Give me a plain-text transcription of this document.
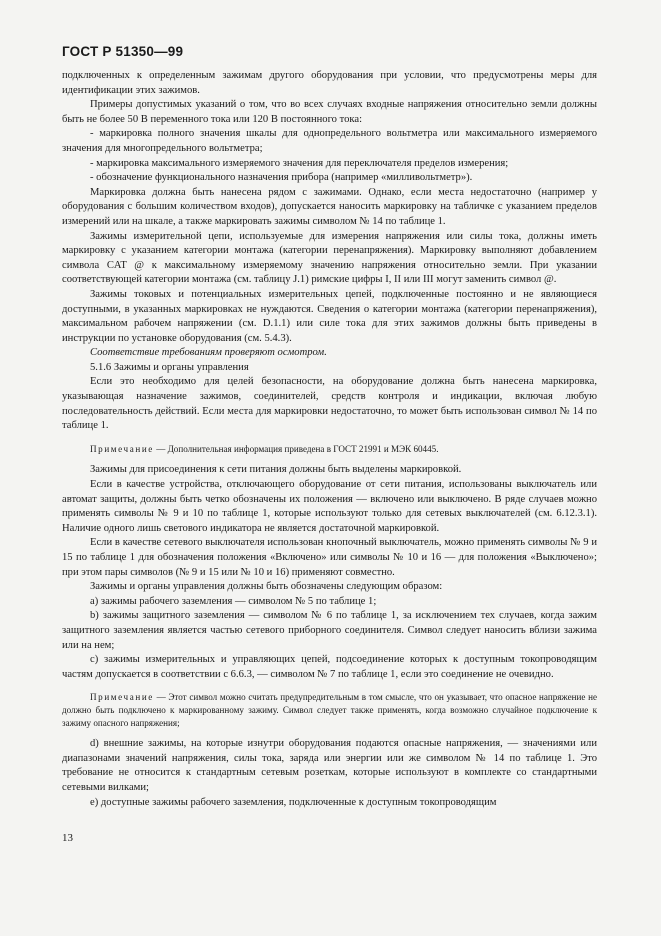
ГОСТ Р 51350—99

подключенных к определенным зажимам другого оборудования при условии, что предусмотрены меры для идентификации этих зажимов.

Примеры допустимых указаний о том, что во всех случаях входные напряжения относительно земли должны быть не более 50 В переменного тока или 120 В постоянного тока:

- маркировка полного значения шкалы для однопредельного вольтметра или максимального измеряемого значения для многопредельного вольтметра;

- маркировка максимального измеряемого значения для переключателя пределов измерения;

- обозначение функционального назначения прибора (например «милливольтметр»).

Маркировка должна быть нанесена рядом с зажимами. Однако, если места недостаточно (например у оборудования с большим количеством входов), допускается наносить маркировку на табличке с указанием пределов измерений или на шкале, а также маркировать зажимы символом № 14 по таблице 1.

Зажимы измерительной цепи, используемые для измерения напряжения или силы тока, должны иметь маркировку с указанием категории монтажа (категории перенапряжения). Маркировку выполняют добавлением символа CAT @ к максимальному измеряемому значению напряжения относительно земли. При указании соответствующей категории монтажа (см. таблицу J.1) римские цифры I, II или III могут заменить символ @.

Зажимы токовых и потенциальных измерительных цепей, подключенные постоянно и не являющиеся доступными, в указанных маркировках не нуждаются. Сведения о категории монтажа (категории перенапряжения), максимальном рабочем напряжении (см. D.1.1) или силе тока для этих зажимов должны быть приведены в инструкции по установке оборудования (см. 5.4.3).

Соответствие требованиям проверяют осмотром.

5.1.6 Зажимы и органы управления

Если это необходимо для целей безопасности, на оборудование должна быть нанесена маркировка, указывающая назначение зажимов, соединителей, средств контроля и индикации, включая любую последовательность действий. Если места для маркировки недостаточно, то может быть использован символ № 14 по таблице 1.

Примечание — Дополнительная информация приведена в ГОСТ 21991 и МЭК 60445.

Зажимы для присоединения к сети питания должны быть выделены маркировкой.

Если в качестве устройства, отключающего оборудование от сети питания, использованы выключатель или автомат защиты, должны быть четко обозначены их положения — включено или выключено. В ряде случаев можно применять символы № 9 и 10 по таблице 1, которые используют только для сетевых выключателей (см. 6.12.3.1). Наличие одного лишь светового индикатора не является достаточной маркировкой.

Если в качестве сетевого выключателя использован кнопочный выключатель, можно применять символы № 9 и 15 по таблице 1 для обозначения положения «Включено» или символы № 10 и 16 — для положения «Выключено»; при этом пары символов (№ 9 и 15 или № 10 и 16) применяют совместно.

Зажимы и органы управления должны быть обозначены следующим образом:

а) зажимы рабочего заземления — символом № 5 по таблице 1;

b) зажимы защитного заземления — символом № 6 по таблице 1, за исключением тех случаев, когда зажим защитного заземления является частью сетевого приборного соединителя. Символ следует наносить вблизи зажима или на нем;

с) зажимы измерительных и управляющих цепей, подсоединение которых к доступным токопроводящим частям допускается в соответствии с 6.6.3, — символом № 7 по таблице 1, если это соединение не очевидно.

Примечание — Этот символ можно считать предупредительным в том смысле, что он указывает, что опасное напряжение не должно быть подключено к маркированному зажиму. Символ следует также применять, когда возможно случайное подключение к зажиму опасного напряжения;

d) внешние зажимы, на которые изнутри оборудования подаются опасные напряжения, — значениями или диапазонами значений напряжения, силы тока, заряда или энергии или же символом № 14 по таблице 1. Это требование не относится к стандартным сетевым розеткам, которые используют в комплекте со стандартными сетевыми вилками;

е) доступные зажимы рабочего заземления, подключенные к доступным токопроводящим

13
